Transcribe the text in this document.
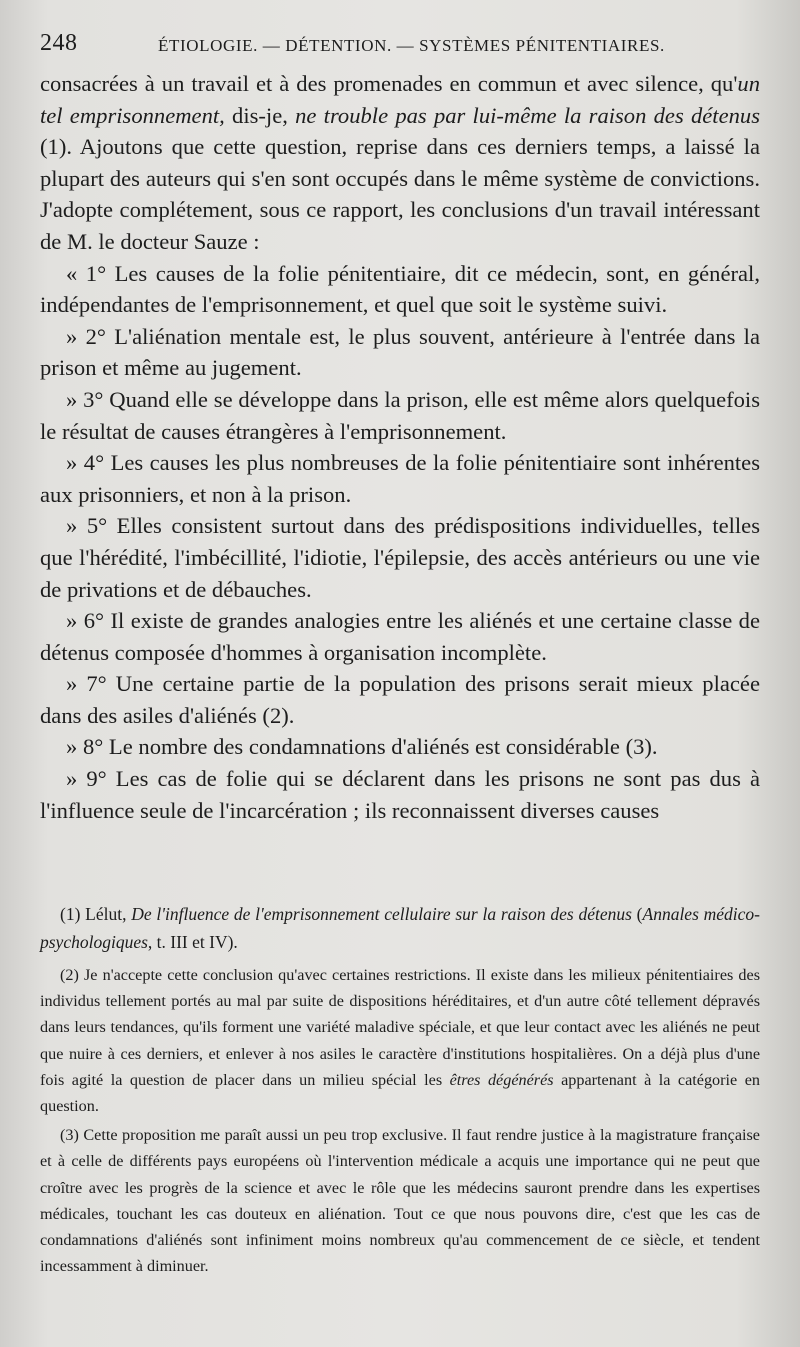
248	ÉTIOLOGIE. — DÉTENTION. — SYSTÈMES PÉNITENTIAIRES.

consacrées à un travail et à des promenades en commun et avec silence, qu'un tel emprisonnement, dis-je, ne trouble pas par lui-même la raison des détenus (1). Ajoutons que cette question, reprise dans ces derniers temps, a laissé la plupart des auteurs qui s'en sont occupés dans le même système de convictions. J'adopte complétement, sous ce rapport, les conclusions d'un travail intéressant de M. le docteur Sauze :

« 1° Les causes de la folie pénitentiaire, dit ce médecin, sont, en général, indépendantes de l'emprisonnement, et quel que soit le système suivi.

» 2° L'aliénation mentale est, le plus souvent, antérieure à l'entrée dans la prison et même au jugement.

» 3° Quand elle se développe dans la prison, elle est même alors quelquefois le résultat de causes étrangères à l'emprisonnement.

» 4° Les causes les plus nombreuses de la folie pénitentiaire sont inhérentes aux prisonniers, et non à la prison.

» 5° Elles consistent surtout dans des prédispositions individuelles, telles que l'hérédité, l'imbécillité, l'idiotie, l'épilepsie, des accès antérieurs ou une vie de privations et de débauches.

» 6° Il existe de grandes analogies entre les aliénés et une certaine classe de détenus composée d'hommes à organisation incomplète.

» 7° Une certaine partie de la population des prisons serait mieux placée dans des asiles d'aliénés (2).

» 8° Le nombre des condamnations d'aliénés est considérable (3).

» 9° Les cas de folie qui se déclarent dans les prisons ne sont pas dus à l'influence seule de l'incarcération ; ils reconnaissent diverses causes

(1) Lélut, De l'influence de l'emprisonnement cellulaire sur la raison des détenus (Annales médico-psychologiques, t. III et IV).

(2) Je n'accepte cette conclusion qu'avec certaines restrictions. Il existe dans les milieux pénitentiaires des individus tellement portés au mal par suite de dispositions héréditaires, et d'un autre côté tellement dépravés dans leurs tendances, qu'ils forment une variété maladive spéciale, et que leur contact avec les aliénés ne peut que nuire à ces derniers, et enlever à nos asiles le caractère d'institutions hospitalières. On a déjà plus d'une fois agité la question de placer dans un milieu spécial les êtres dégénérés appartenant à la catégorie en question.

(3) Cette proposition me paraît aussi un peu trop exclusive. Il faut rendre justice à la magistrature française et à celle de différents pays européens où l'intervention médicale a acquis une importance qui ne peut que croître avec les progrès de la science et avec le rôle que les médecins sauront prendre dans les expertises médicales, touchant les cas douteux en aliénation. Tout ce que nous pouvons dire, c'est que les cas de condamnations d'aliénés sont infiniment moins nombreux qu'au commencement de ce siècle, et tendent incessamment à diminuer.
